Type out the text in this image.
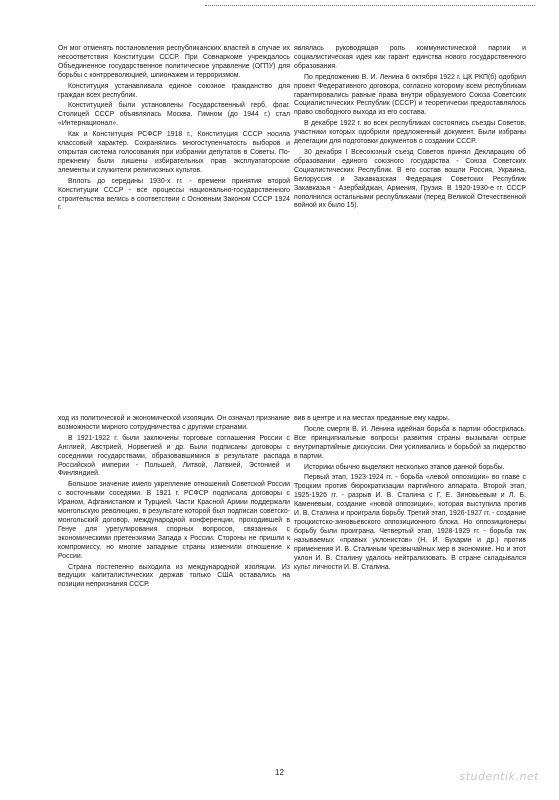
Он мог отменять постановления республиканских властей в случае их несоответствия Конституции СССР. При Совнаркоме учреждалось Объединенное государственное политическое управление (ОГПУ) для борьбы с контрреволюцией, шпионажем и терроризмом.

Конституция устанавливала единое союзное гражданство для граждан всех республик.

Конституцией были установлены Государственный герб, флаг. Столицей СССР объявлялась Москва. Гимном (до 1944 г.) стал «Интернационал».

Как и Конституция РСФСР 1918 г., Конституция СССР носила классовый характер. Сохранялись многоступенчатость выборов и открытая система голосования при избрании депутатов в Советы. По-прежнему были лишены избирательных прав эксплуататорские элементы и служители религиозных культов.

Вплоть до середины 1930-х гг. - времени принятия второй Конституции СССР - все процессы национально-государственного строительства велись в соответствии с Основным Законом СССР 1924 г.

являлась руководящая роль коммунистической партии и социалистическая идея как гарант единства нового государственного образования.

По предложению В. И. Ленина 6 октября 1922 г. ЦК РКП(б) одобрил проект Федеративного договора, согласно которому всем республикам гарантировались равные права внутри образуемого Союза Советских Социалистических Республик (СССР) и теоретически предоставлялось право свободного выхода из его состава.

В декабре 1922 г. во всех республиках состоялись съезды Советов, участники которых одобрили предложенный документ. Были избраны делегации для подготовки документов о создании СССР.

30 декабря I Всесоюзный съезд Советов принял Декларацию об образовании единого союзного государства - Союза Советских Социалистических Республик. В его состав вошли Россия, Украина, Белоруссия и Закавказская Федерация Советских Республик Закавказья - Азербайджан, Армения, Грузия. В 1920-1930-е гг. СССР пополнился остальными республиками (перед Великой Отечественной войной их было 15).

ход из политической и экономической изоляции. Он означал признание возможности мирного сотрудничества с другими странами.

В 1921-1922 г. были заключены торговые соглашения России с Англией, Австрией, Норвегией и др. Были подписаны договоры с соседними государствами, образовавшимися в результате распада Российской империи - Польшей, Литвой, Латвией, Эстонией и Финляндией.

Большое значение имело укрепление отношений Советской России с восточными соседями. В 1921 г. РСФСР подписала договоры с Ираном, Афганистаном и Турцией. Части Красной Армии поддержали монгольскую революцию, в результате которой был подписан советско-монгольский договор, международной конференции, проходившей в Генуе для урегулирования спорных вопросов, связанных с экономическими претензиями Запада к России. Стороны не пришли к компромиссу, но многие западные страны изменили отношение к России.

Страна постепенно выходила из международной изоляции. Из ведущих капиталистических держав только США оставались на позиции непризнания СССР.

вив в центре и на местах преданные ему кадры.

После смерти В. И. Ленина идейная борьба в партии обострилась. Все принципиальные вопросы развития страны вызывали острые внутрипартийные дискуссии. Они усиливались и борьбой за лидерство в партии.

Историки обычно выделяют несколько этапов данной борьбы.

Первый этап, 1923-1924 гг. - борьба «левой оппозиции» во главе с Троцким против бюрократизации партийного аппарата. Второй этап, 1925-1926 гг. - разрыв И. В. Сталина с Г. Е. Зиновьевым и Л. Б. Каменевым, создание «новой оппозиции», которая выступила против И. В. Сталина и проиграла борьбу. Третий этап, 1926-1927 гг. - создание троцкистско-зиновьевского оппозиционного блока. Но оппозиционеры борьбу были проиграна. Четвертый этап, 1928-1929 гг. - борьба так называемых «правых уклонистов» (Н. И. Бухарин и др.) против применения И. В. Сталиным чрезвычайных мер в экономике. Но и этот уклон И. В. Сталину удалось нейтрализовать. В стране складывался культ личности И. В. Сталина.

12	studentik.net
